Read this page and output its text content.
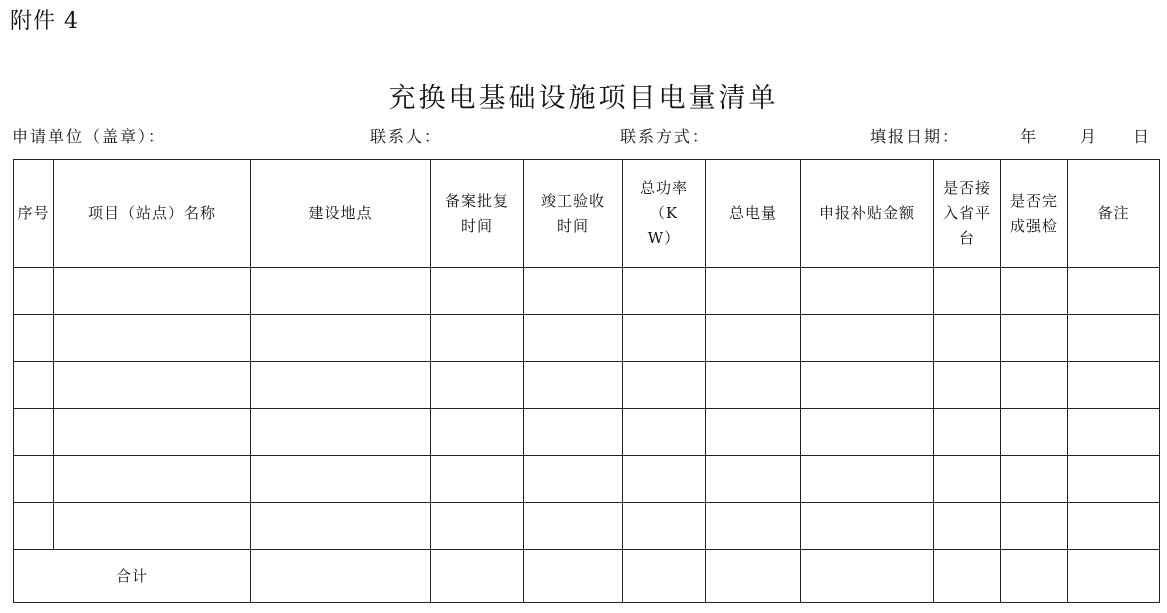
附件 4
充换电基础设施项目电量清单
申请单位（盖章）：	联系人：	联系方式：	填报日期：	年	月 日
序号	项目（站点）名称	建设地点	备案批复时间	竣工验收时间	总功率（KW）	总电量	申报补贴金额	是否接入省平台	是否完成强检	备注

合计										
